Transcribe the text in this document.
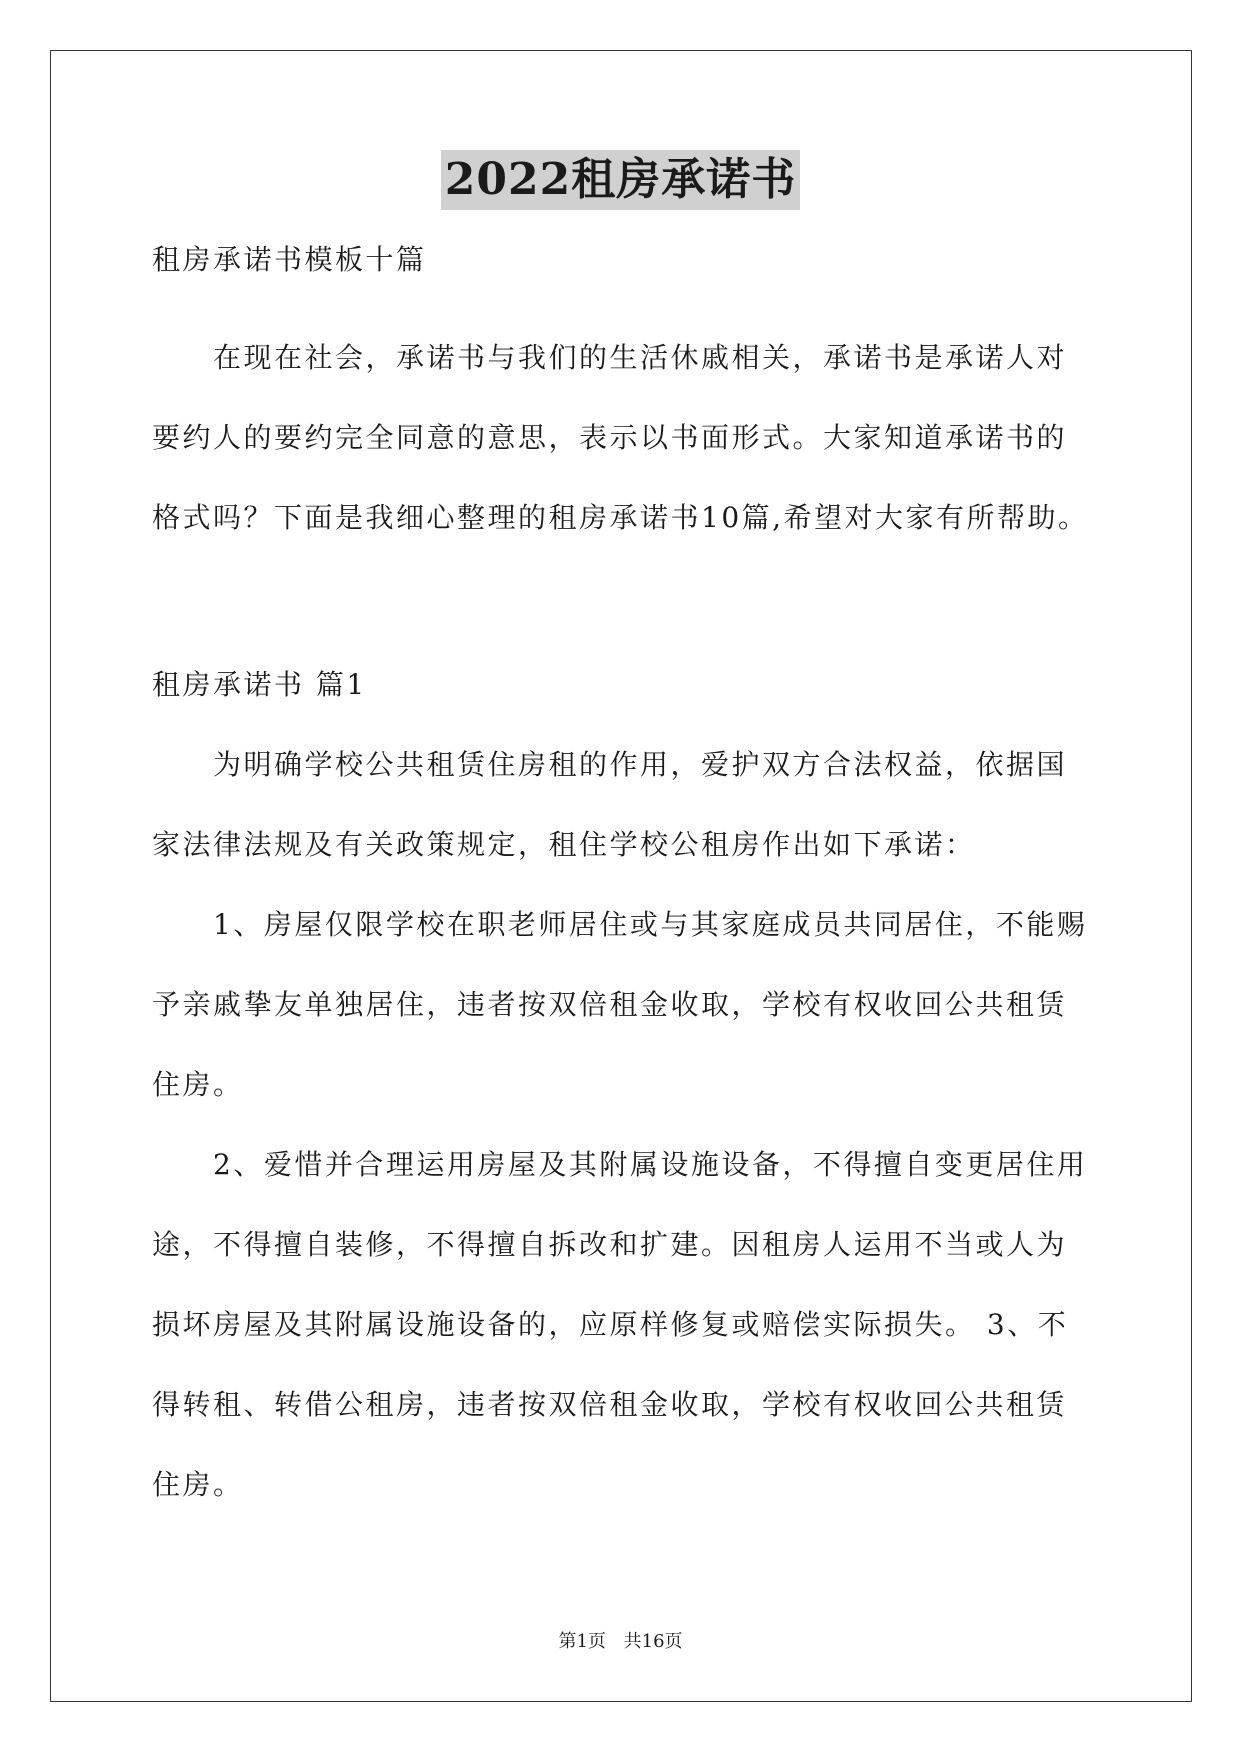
2022租房承诺书
租房承诺书模板十篇
　　在现在社会，承诺书与我们的生活休戚相关，承诺书是承诺人对
要约人的要约完全同意的意思，表示以书面形式。大家知道承诺书的
格式吗？下面是我细心整理的租房承诺书10篇,希望对大家有所帮助。
租房承诺书 篇1
　　为明确学校公共租赁住房租的作用，爱护双方合法权益，依据国
家法律法规及有关政策规定，租住学校公租房作出如下承诺：
　　1、房屋仅限学校在职老师居住或与其家庭成员共同居住，不能赐
予亲戚挚友单独居住，违者按双倍租金收取，学校有权收回公共租赁
住房。
　　2、爱惜并合理运用房屋及其附属设施设备，不得擅自变更居住用
途，不得擅自装修，不得擅自拆改和扩建。因租房人运用不当或人为
损坏房屋及其附属设施设备的，应原样修复或赔偿实际损失。 3、不
得转租、转借公租房，违者按双倍租金收取，学校有权收回公共租赁
住房。
第1页 共16页
